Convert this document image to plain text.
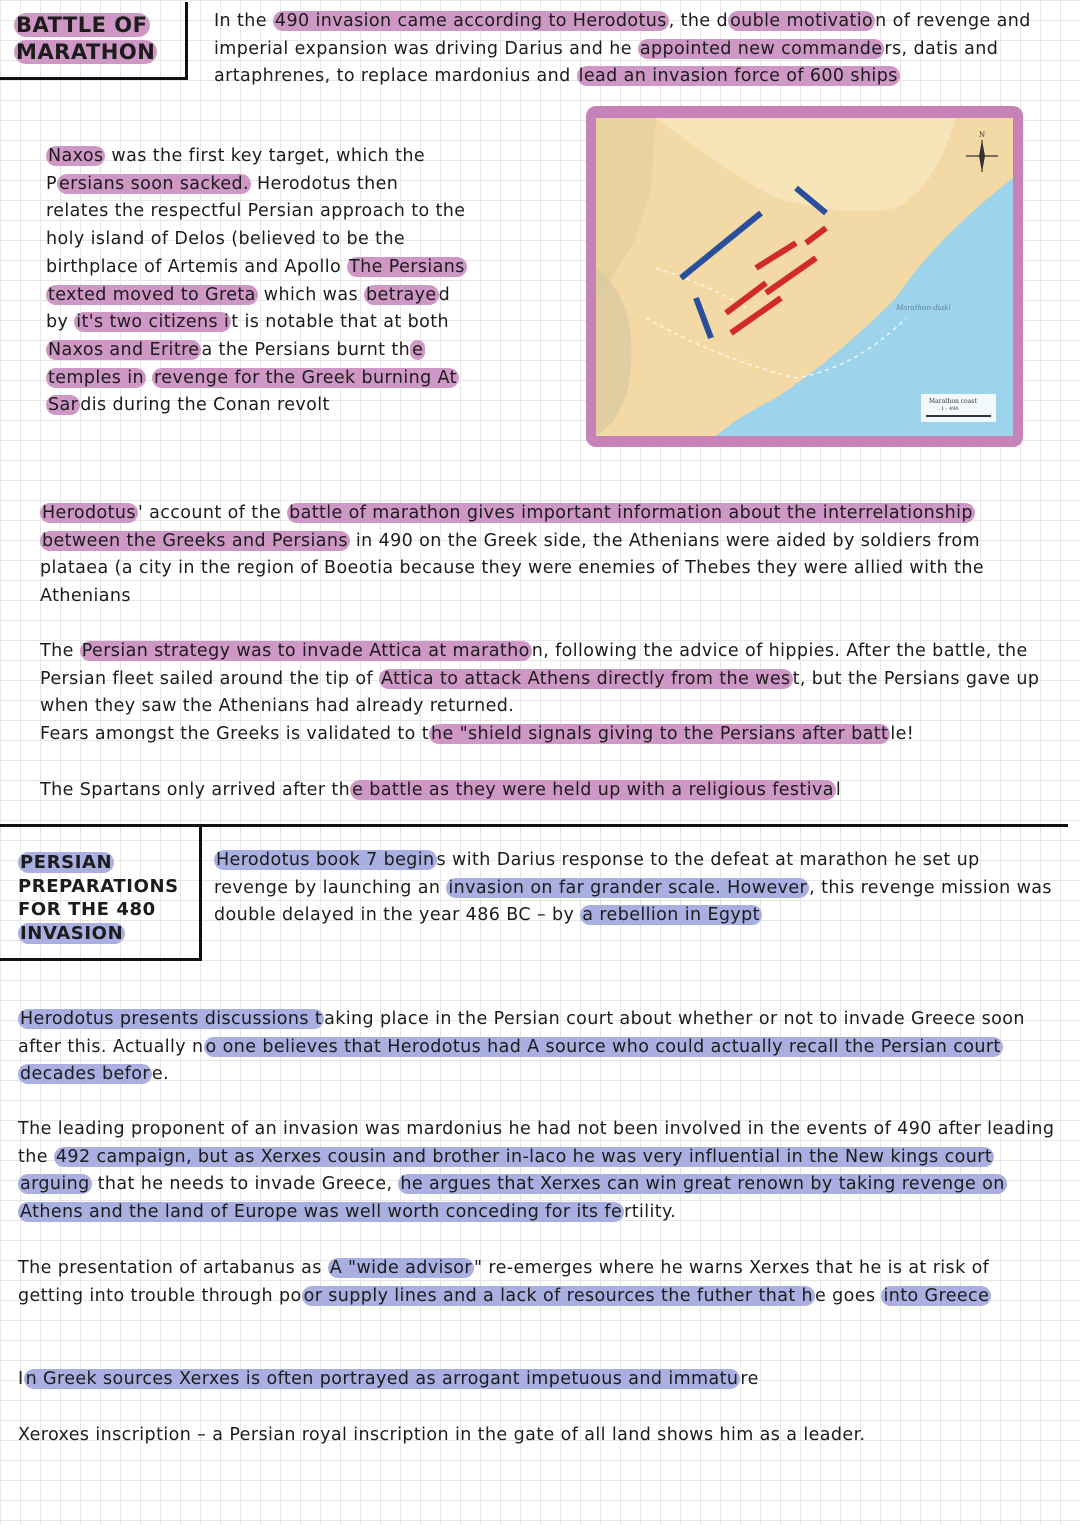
BATTLE OF

MARATHON

In the 490 invasion came according to Herodotus , the d ouble motivatio n of revenge and imperial expansion was driving Darius and he appointed new commande rs, datis and artaphrenes, to replace mardonius and lead an invasion force of 600 ships

Naxos was the first key target, which the P ersians soon sacked. Herodotus then relates the respectful Persian approach to the holy island of Delos (believed to be the birthplace of Artemis and Apollo The Persians texted moved to Greta which was betraye d by it's two citizens i t is notable that at both Naxos and Eritre a the Persians burnt th e temples in revenge for the Greek burning At Sar dis during the Conan revolt

N
Marathon-diakl
Marathon coast
1 : 490

Herodotus ' account of the battle of marathon gives important information about the interrelationship between the Greeks and Persians in 490 on the Greek side, the Athenians were aided by soldiers from plataea (a city in the region of Boeotia because they were enemies of Thebes they were allied with the Athenians

The Persian strategy was to invade Attica at maratho n, following the advice of hippies. After the battle, the Persian fleet sailed around the tip of Attica to attack Athens directly from the wes t, but the Persians gave up when they saw the Athenians had already returned.
Fears amongst the Greeks is validated to t he "shield signals giving to the Persians after batt le!

The Spartans only arrived after th e battle as they were held up with a religious festiva l

PERSIAN

PREPARATIONS

FOR THE 480

INVASION

Herodotus book 7 begin s with Darius response to the defeat at marathon he set up revenge by launching an invasion on far grander scale. However , this revenge mission was double delayed in the year 486 BC – by a rebellion in Egypt

Herodotus presents discussions t aking place in the Persian court about whether or not to invade Greece soon after this. Actually n o one believes that Herodotus had A source who could actually recall the Persian court decades befor e.

The leading proponent of an invasion was mardonius he had not been involved in the events of 490 after leading the 492 campaign, but as Xerxes cousin and brother in-laco he was very influential in the New kings court arguing that he needs to invade Greece, he argues that Xerxes can win great renown by taking revenge on Athens and the land of Europe was well worth conceding for its fe rtility.

The presentation of artabanus as A "wide advisor " re-emerges where he warns Xerxes that he is at risk of getting into trouble through po or supply lines and a lack of resources the futher that h e goes into Greece

I n Greek sources Xerxes is often portrayed as arrogant impetuous and immatu re

Xeroxes inscription – a Persian royal inscription in the gate of all land shows him as a leader.
